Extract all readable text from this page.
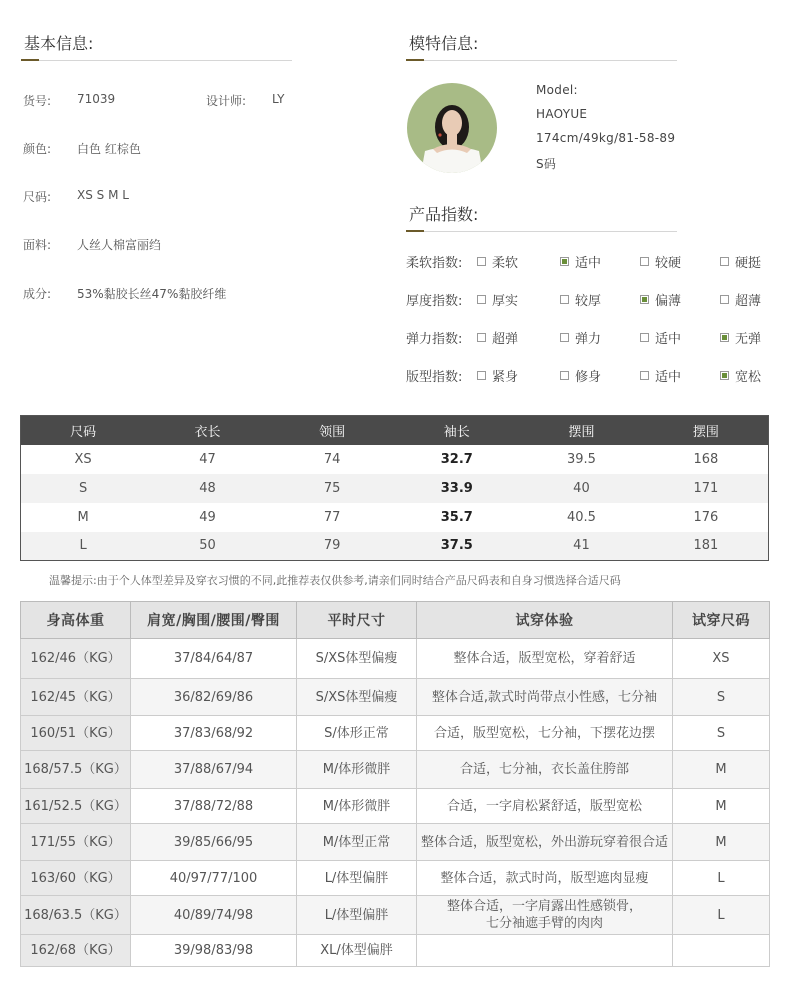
基本信息:
货号: 71039	设计师: LY
颜色: 白色 红棕色
尺码: XS S M L
面料: 人丝人棉富丽绉
成分: 53%黏胶长丝47%黏胶纤维
模特信息:
Model:
HAOYUE
174cm/49kg/81-58-89
S码
产品指数:
柔软指数: 柔软	适中	较硬	硬挺
厚度指数: 厚实	较厚	偏薄	超薄
弹力指数: 超弹	弹力	适中	无弹
版型指数: 紧身	修身	适中	宽松
尺码	衣长	领围	袖长	摆围	摆围
XS	47	74	32.7	39.5	168
S	48	75	33.9	40	171
M	49	77	35.7	40.5	176
L	50	79	37.5	41	181
温馨提示:由于个人体型差异及穿衣习惯的不同,此推荐表仅供参考,请亲们同时结合产品尺码表和自身习惯选择合适尺码
身高体重	肩宽/胸围/腰围/臀围	平时尺寸	试穿体验	试穿尺码
162/46（KG）	37/84/64/87	S/XS体型偏瘦	整体合适，版型宽松，穿着舒适	XS
162/45（KG）	36/82/69/86	S/XS体型偏瘦	整体合适,款式时尚带点小性感，七分袖	S
160/51（KG）	37/83/68/92	S/体形正常	合适，版型宽松，七分袖，下摆花边摆	S
168/57.5（KG）	37/88/67/94	M/体形微胖	合适，七分袖，衣长盖住胯部	M
161/52.5（KG）	37/88/72/88	M/体形微胖	合适，一字肩松紧舒适，版型宽松	M
171/55（KG）	39/85/66/95	M/体型正常	整体合适，版型宽松，外出游玩穿着很合适	M
163/60（KG）	40/97/77/100	L/体型偏胖	整体合适，款式时尚，版型遮肉显瘦	L
168/63.5（KG）	40/89/74/98	L/体型偏胖	整体合适，一字肩露出性感锁骨，
七分袖遮手臂的肉肉	L
162/68（KG）	39/98/83/98	XL/体型偏胖		
